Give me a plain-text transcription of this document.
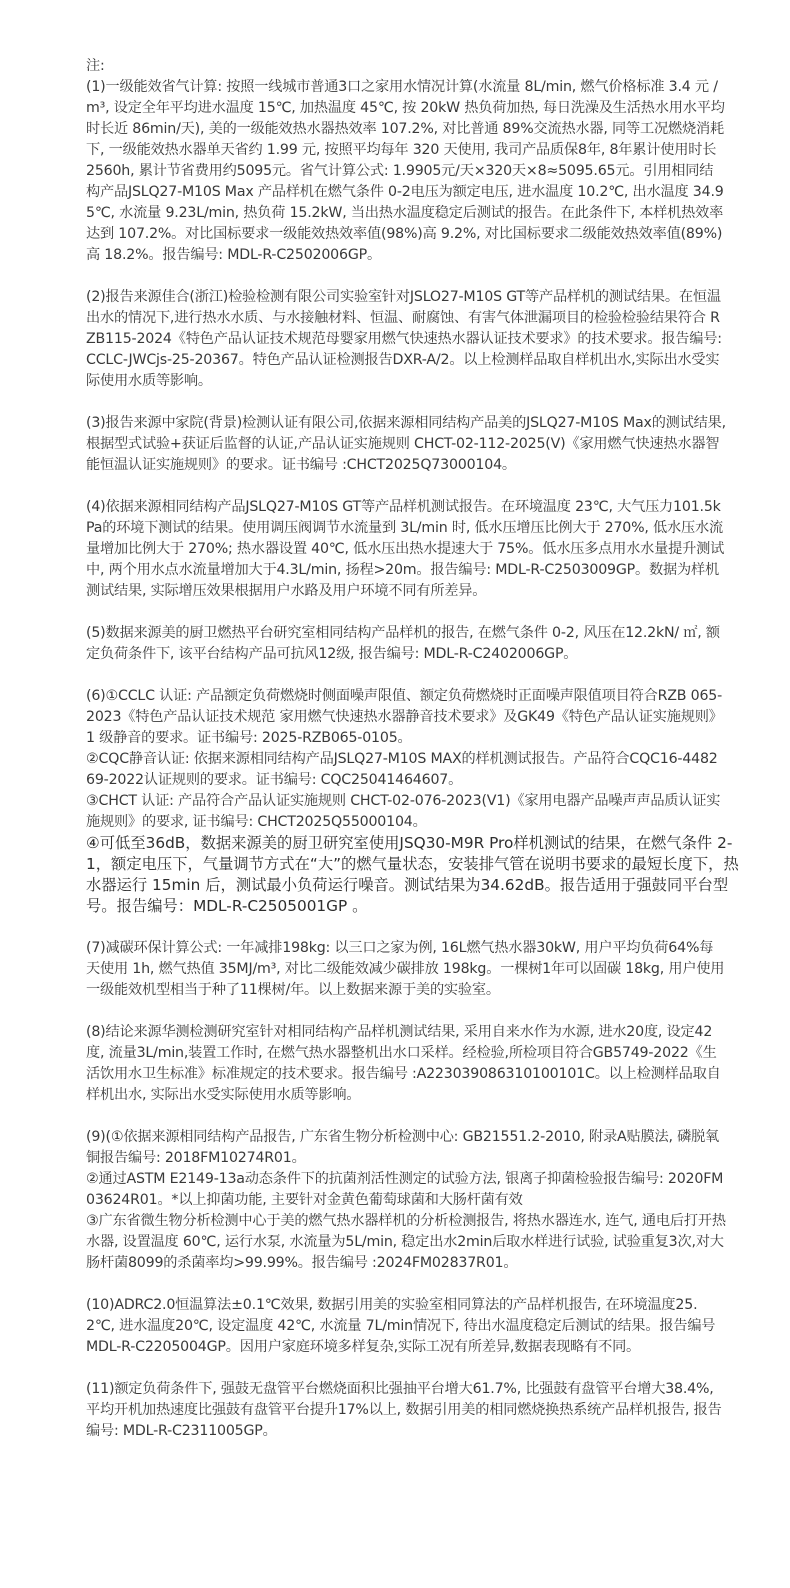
注:

(1)一级能效省气计算: 按照一线城市普通3口之家用水情况计算(水流量 8L/min, 燃气价格标准 3.4 元 /m³, 设定全年平均进水温度 15℃, 加热温度 45℃, 按 20kW 热负荷加热, 每日洗澡及生活热水用水平均时长近 86min/天), 美的一级能效热水器热效率 107.2%, 对比普通 89%交流热水器, 同等工况燃烧消耗下, 一级能效热水器单天省约 1.99 元, 按照平均每年 320 天使用, 我司产品质保8年, 8年累计使用时长 2560h, 累计节省费用约5095元。省气计算公式: 1.9905元/天×320天×8≈5095.65元。引用相同结构产品JSLQ27-M10S Max 产品样机在燃气条件 0-2电压为额定电压, 进水温度 10.2℃, 出水温度 34.95℃, 水流量 9.23L/min, 热负荷 15.2kW, 当出热水温度稳定后测试的报告。在此条件下, 本样机热效率达到 107.2%。对比国标要求一级能效热效率值(98%)高 9.2%, 对比国标要求二级能效热效率值(89%)高 18.2%。报告编号: MDL-R-C2502006GP。

(2)报告来源佳合(浙江)检验检测有限公司实验室针对JSLO27-M10S GT等产品样机的测试结果。在恒温出水的情况下,进行热水水质、与水接触材料、恒温、耐腐蚀、有害气体泄漏项目的检验检验结果符合 RZB115-2024《特色产品认证技术规范母婴家用燃气快速热水器认证技术要求》的技术要求。报告编号:CCLC-JWCjs-25-20367。特色产品认证检测报告DXR-A/2。以上检测样品取自样机出水,实际出水受实际使用水质等影响。

(3)报告来源中家院(背景)检测认证有限公司,依据来源相同结构产品美的JSLQ27-M10S Max的测试结果,根据型式试验+获证后监督的认证,产品认证实施规则 CHCT-02-112-2025(V)《家用燃气快速热水器智能恒温认证实施规则》的要求。证书编号 :CHCT2025Q73000104。

(4)依据来源相同结构产品JSLQ27-M10S GT等产品样机测试报告。在环境温度 23℃, 大气压力101.5kPa的环境下测试的结果。使用调压阀调节水流量到 3L/min 时, 低水压增压比例大于 270%, 低水压水流量增加比例大于 270%; 热水器设置 40℃, 低水压出热水提速大于 75%。低水压多点用水水量提升测试中, 两个用水点水流量增加大于4.3L/min, 扬程>20m。报告编号: MDL-R-C2503009GP。数据为样机测试结果, 实际增压效果根据用户水路及用户环境不同有所差异。

(5)数据来源美的厨卫燃热平台研究室相同结构产品样机的报告, 在燃气条件 0-2, 风压在12.2kN/ ㎡, 额定负荷条件下, 该平台结构产品可抗风12级, 报告编号: MDL-R-C2402006GP。

(6)①CCLC 认证: 产品额定负荷燃烧时侧面噪声限值、额定负荷燃烧时正面噪声限值项目符合RZB 065-2023《特色产品认证技术规范 家用燃气快速热水器静音技术要求》及GK49《特色产品认证实施规则》1 级静音的要求。证书编号: 2025-RZB065-0105。

②CQC静音认证: 依据来源相同结构产品JSLQ27-M10S MAX的样机测试报告。产品符合CQC16-448269-2022认证规则的要求。证书编号: CQC25041464607。

③CHCT 认证: 产品符合产品认证实施规则 CHCT-02-076-2023(V1)《家用电器产品噪声声品质认证实施规则》的要求, 证书编号: CHCT2025Q55000104。

④可低至36dB，数据来源美的厨卫研究室使用JSQ30-M9R Pro样机测试的结果，在燃气条件 2-1，额定电压下，气量调节方式在“大”的燃气量状态，安装排气管在说明书要求的最短长度下，热水器运行 15min 后，测试最小负荷运行噪音。测试结果为34.62dB。报告适用于强鼓同平台型号。报告编号：MDL-R-C2505001GP 。

(7)减碳环保计算公式: 一年减排198kg: 以三口之家为例, 16L燃气热水器30kW, 用户平均负荷64%每天使用 1h, 燃气热值 35MJ/m³, 对比二级能效减少碳排放 198kg。一棵树1年可以固碳 18kg, 用户使用一级能效机型相当于种了11棵树/年。以上数据来源于美的实验室。

(8)结论来源华测检测研究室针对相同结构产品样机测试结果, 采用自来水作为水源, 进水20度, 设定42度, 流量3L/min,装置工作时, 在燃气热水器整机出水口采样。经检验,所检项目符合GB5749-2022《生活饮用水卫生标准》标准规定的技术要求。报告编号 :A223039086310100101C。以上检测样品取自样机出水, 实际出水受实际使用水质等影响。

(9)(①依据来源相同结构产品报告, 广东省生物分析检测中心: GB21551.2-2010, 附录A贴膜法, 磷脱氧铜报告编号: 2018FM10274R01。

②通过ASTM E2149-13a动态条件下的抗菌剂活性测定的试验方法, 银离子抑菌检验报告编号: 2020FM03624R01。*以上抑菌功能, 主要针对金黄色葡萄球菌和大肠杆菌有效

③广东省微生物分析检测中心于美的燃气热水器样机的分析检测报告, 将热水器连水, 连气, 通电后打开热水器, 设置温度 60℃, 运行水泵, 水流量为5L/min, 稳定出水2min后取水样进行试验, 试验重复3次,对大肠杆菌8099的杀菌率均>99.99%。报告编号 :2024FM02837R01。

(10)ADRC2.0恒温算法±0.1℃效果, 数据引用美的实验室相同算法的产品样机报告, 在环境温度25.2℃, 进水温度20℃, 设定温度 42℃, 水流量 7L/min情况下, 待出水温度稳定后测试的结果。报告编号 MDL-R-C2205004GP。因用户家庭环境多样复杂,实际工况有所差异,数据表现略有不同。

(11)额定负荷条件下, 强鼓无盘管平台燃烧面积比强抽平台增大61.7%, 比强鼓有盘管平台增大38.4%, 平均开机加热速度比强鼓有盘管平台提升17%以上, 数据引用美的相同燃烧换热系统产品样机报告, 报告编号: MDL-R-C2311005GP。
